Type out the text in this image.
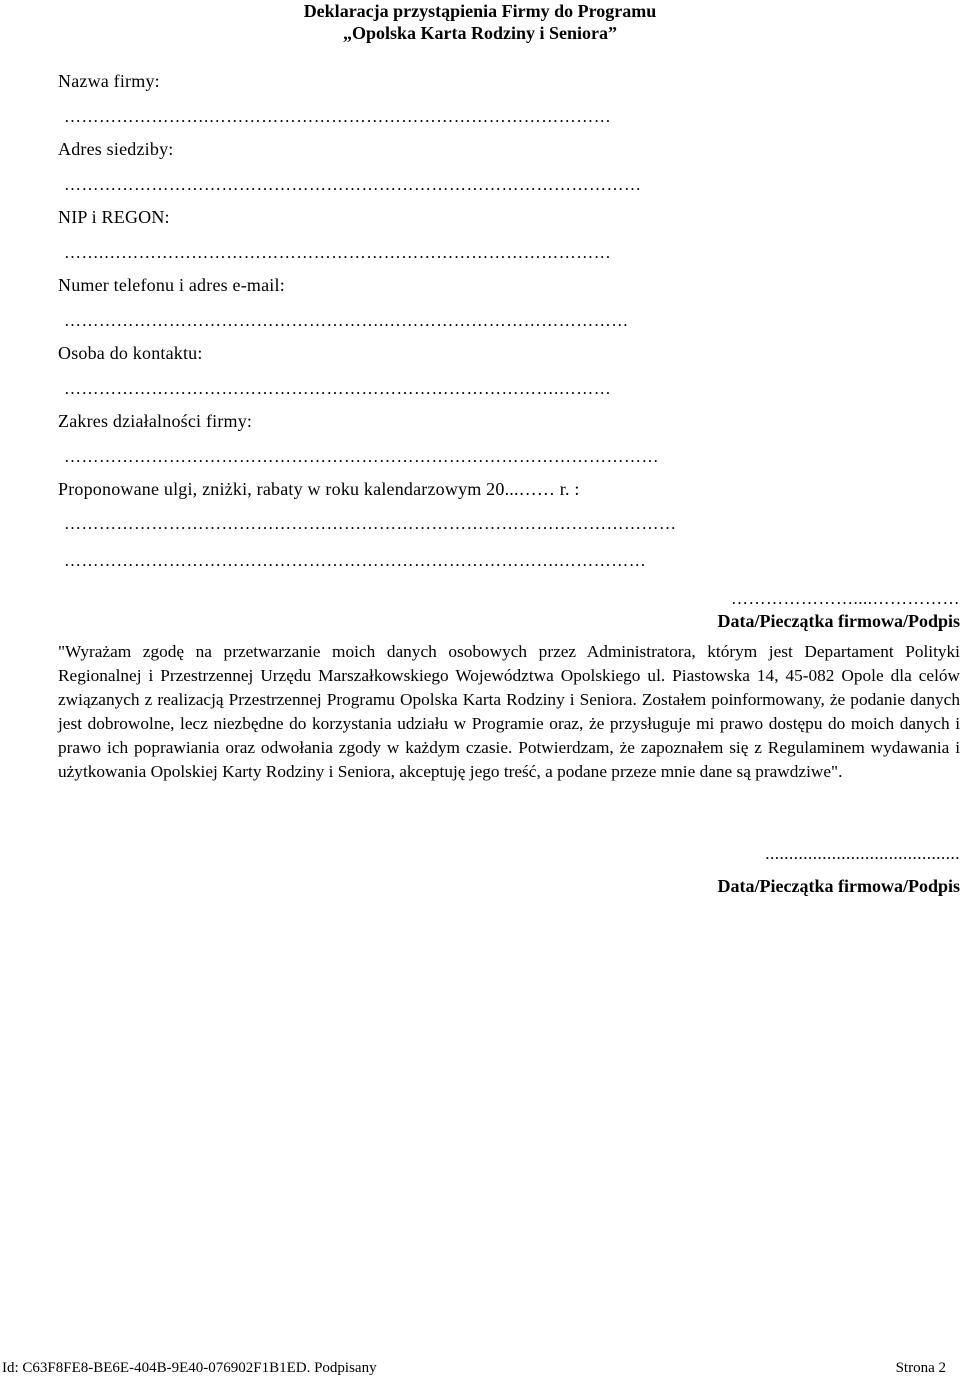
Deklaracja przystąpienia Firmy do Programu
„Opolska Karta Rodziny i Seniora”
Nazwa firmy:
…………………….……………………………………………………………
Adres siedziby:
………………………………………………………………………………………
NIP i REGON:
…….……………………………………………………………………………
Numer telefonu i adres e-mail:
……………………………………………….……………………………………
Osoba do kontaktu:
………………………………………………………………………….………
Zakres działalności firmy:
…………………………………………………………………………………………
Proponowane ulgi, zniżki, rabaty w roku kalendarzowym 20...…… r. :
……………………………………………………………………………………………
………………………………………………………………………….……………
…………………....……………
Data/Pieczątka firmowa/Podpis

"Wyrażam zgodę na przetwarzanie moich danych osobowych przez Administratora, którym jest Departament Polityki Regionalnej i Przestrzennej Urzędu Marszałkowskiego Województwa Opolskiego ul. Piastowska 14, 45-082 Opole dla celów związanych z realizacją Przestrzennej Programu Opolska Karta Rodziny i Seniora. Zostałem poinformowany, że podanie danych jest dobrowolne, lecz niezbędne do korzystania udziału w Programie oraz, że przysługuje mi prawo dostępu do moich danych i prawo ich poprawiania oraz odwołania zgody w każdym czasie. Potwierdzam, że zapoznałem się z Regulaminem wydawania i użytkowania Opolskiej Karty Rodziny i Seniora, akceptuję jego treść, a podane przeze mnie dane są prawdziwe".

.........................................
Data/Pieczątka firmowa/Podpis
Id: C63F8FE8-BE6E-404B-9E40-076902F1B1ED. Podpisany	Strona 2
